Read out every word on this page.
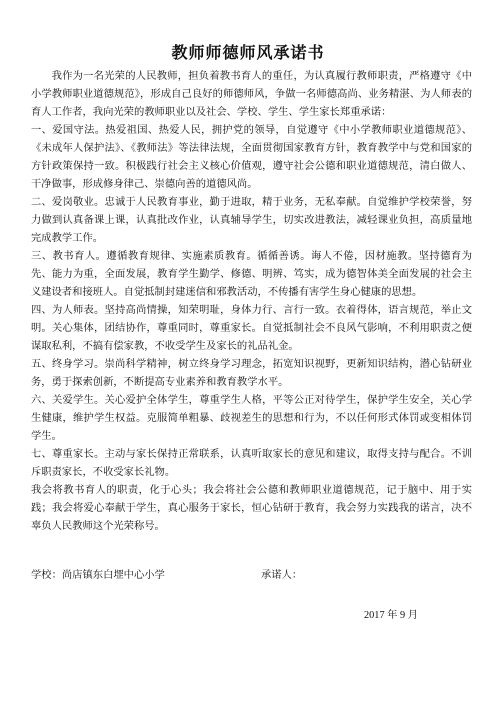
教师师德师风承诺书

我作为一名光荣的人民教师，担负着教书育人的重任，为认真履行教师职责，严格遵守《中小学教师职业道德规范》，形成自己良好的师德师风，争做一名师德高尚、业务精湛、为人师表的育人工作者，我向光荣的教师职业以及社会、学校、学生、学生家长郑重承诺：

一、爱国守法。热爱祖国、热爱人民，拥护党的领导，自觉遵守《中小学教师职业道德规范》、《未成年人保护法》、《教师法》等法律法规，全面贯彻国家教育方针，教育教学中与党和国家的方针政策保持一致。积极践行社会主义核心价值观，遵守社会公德和职业道德规范，清白做人、干净做事，形成修身律己、崇德向善的道德风尚。

二、爱岗敬业。忠诚于人民教育事业，勤于进取，精于业务，无私奉献。自觉维护学校荣誉，努力做到认真备课上课，认真批改作业，认真辅导学生，切实改进教法，减轻课业负担，高质量地完成教学工作。

三、教书育人。遵循教育规律、实施素质教育。循循善诱。诲人不倦，因材施教。坚持德育为先、能力为重，全面发展，教育学生勤学、修德、明辨、笃实，成为德智体美全面发展的社会主义建设者和接班人。自觉抵制封建迷信和邪教活动，不传播有害学生身心健康的思想。

四、为人师表。坚持高尚情操，知荣明耻，身体力行、言行一致。衣着得体，语言规范，举止文明。关心集体，团结协作，尊重同时，尊重家长。自觉抵制社会不良风气影响，不利用职责之便谋取私利，不搞有偿家教，不收受学生及家长的礼品礼金。

五、终身学习。崇尚科学精神，树立终身学习理念，拓宽知识视野，更新知识结构，潜心钻研业务，勇于探索创新，不断提高专业素养和教育教学水平。

六、关爱学生。关心爱护全体学生，尊重学生人格，平等公正对待学生，保护学生安全，关心学生健康，维护学生权益。克服简单粗暴、歧视差生的思想和行为，不以任何形式体罚或变相体罚学生。

七、尊重家长。主动与家长保持正常联系，认真听取家长的意见和建议，取得支持与配合。不训斥职责家长，不收受家长礼物。

我会将教书育人的职责，化于心头；我会将社会公德和教师职业道德规范，记于脑中、用于实践；我会将爱心奉献于学生，真心服务于家长，恒心钻研于教育，我会努力实践我的诺言，决不辜负人民教师这个光荣称号。

学校：尚店镇东白堽中心小学	承诺人：
2017 年 9 月
